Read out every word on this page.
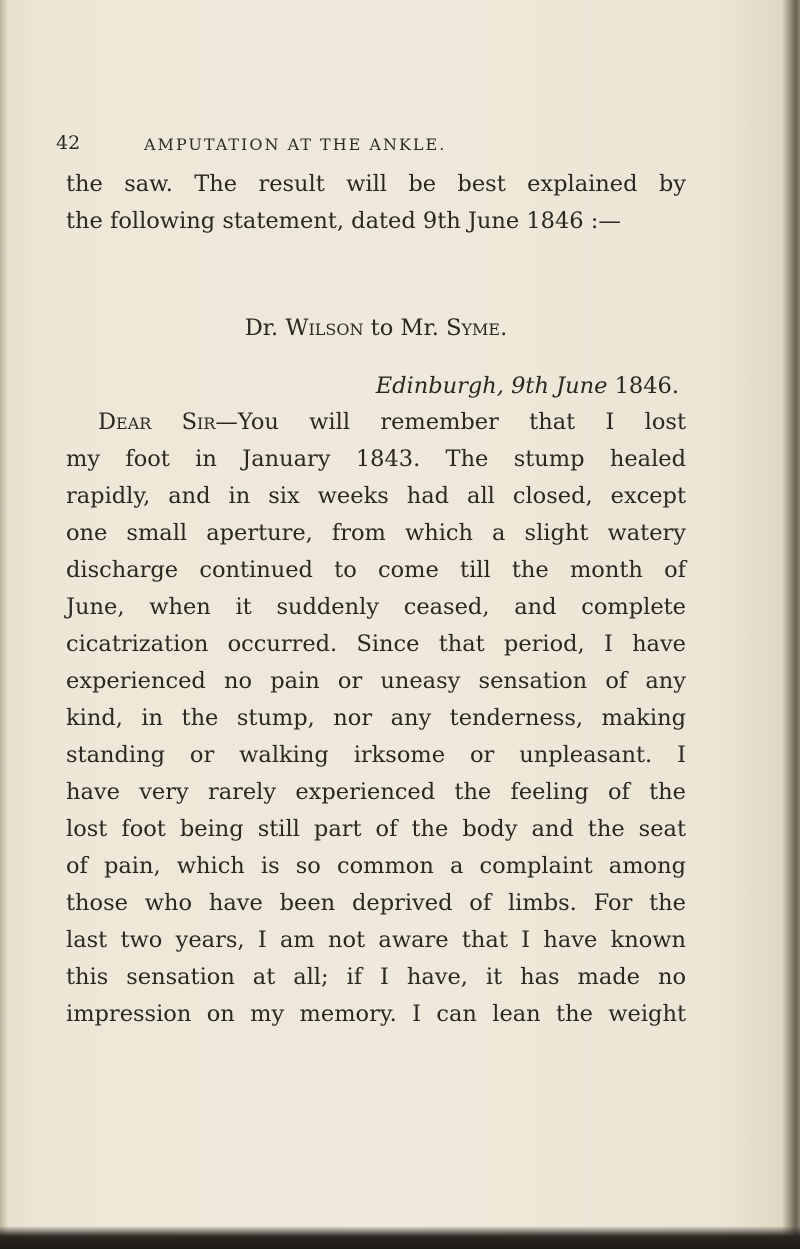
42	AMPUTATION AT THE ANKLE.
the saw. The result will be best explained by
the following statement, dated 9th June 1846 :—
Dr. Wilson to Mr. Syme.
Edinburgh, 9th June 1846.
Dear Sir—You will remember that I lost
my foot in January 1843. The stump healed
rapidly, and in six weeks had all closed, except
one small aperture, from which a slight watery
discharge continued to come till the month of
June, when it suddenly ceased, and complete
cicatrization occurred. Since that period, I have
experienced no pain or uneasy sensation of any
kind, in the stump, nor any tenderness, making
standing or walking irksome or unpleasant. I
have very rarely experienced the feeling of the
lost foot being still part of the body and the seat
of pain, which is so common a complaint among
those who have been deprived of limbs. For the
last two years, I am not aware that I have known
this sensation at all; if I have, it has made no
impression on my memory. I can lean the weight
